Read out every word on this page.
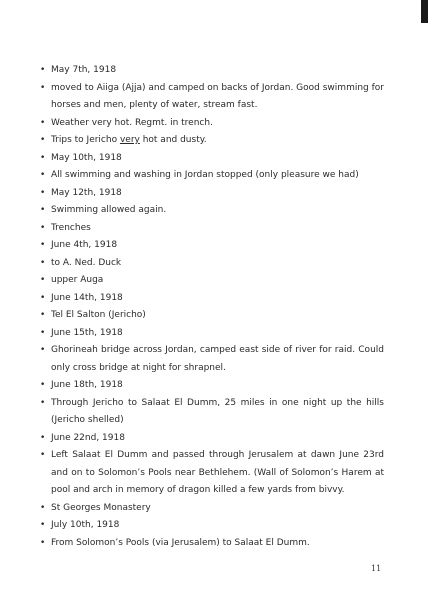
• May 7th, 1918
• moved to Aiiga (Ajja) and camped on backs of Jordan. Good swimming for horses and men, plenty of water, stream fast.
• Weather very hot. Regmt. in trench.
• Trips to Jericho very hot and dusty.
• May 10th, 1918
• All swimming and washing in Jordan stopped (only pleasure we had)
• May 12th, 1918
• Swimming allowed again.
• Trenches
• June 4th, 1918
• to A. Ned. Duck
• upper Auga
• June 14th, 1918
• Tel El Salton (Jericho)
• June 15th, 1918
• Ghorineah bridge across Jordan, camped east side of river for raid. Could only cross bridge at night for shrapnel.
• June 18th, 1918
• Through Jericho to Salaat El Dumm, 25 miles in one night up the hills (Jericho shelled)
• June 22nd, 1918
• Left Salaat El Dumm and passed through Jerusalem at dawn June 23rd and on to Solomon’s Pools near Bethlehem. (Wall of Solomon’s Harem at pool and arch in memory of dragon killed a few yards from bivvy.
• St Georges Monastery
• July 10th, 1918
• From Solomon’s Pools (via Jerusalem) to Salaat El Dumm.
11
